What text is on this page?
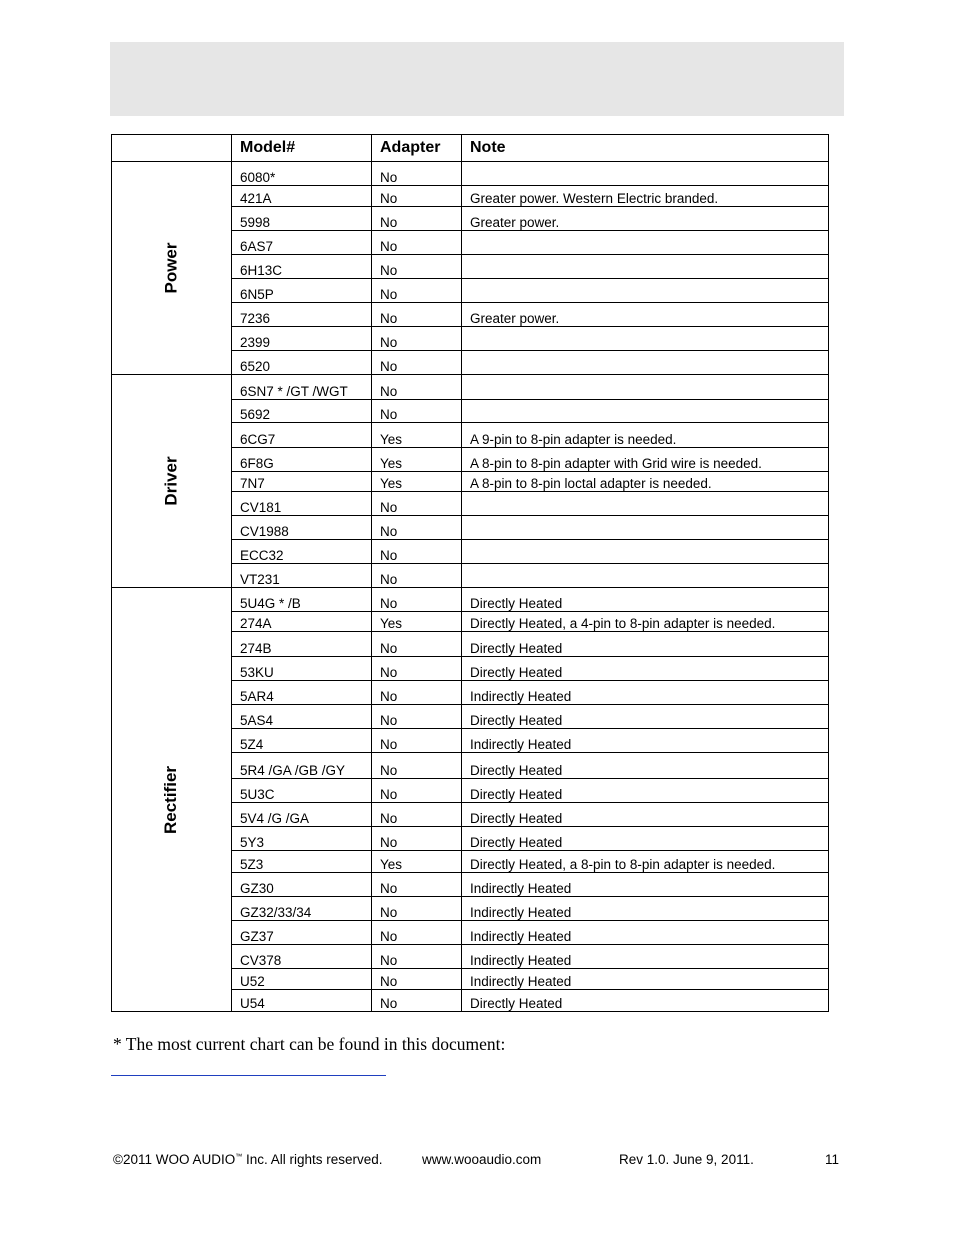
	Model#	Adapter	Note
Power	6080*	No	
	421A	No	Greater power. Western Electric branded.
	5998	No	Greater power.
	6AS7	No	
	6H13C	No	
	6N5P	No	
	7236	No	Greater power.
	2399	No	
	6520	No	
Driver	6SN7 * /GT /WGT	No	
	5692	No	
	6CG7	Yes	A 9-pin to 8-pin adapter is needed.
	6F8G	Yes	A 8-pin to 8-pin adapter with Grid wire is needed.
	7N7	Yes	A 8-pin to 8-pin loctal adapter is needed.
	CV181	No	
	CV1988	No	
	ECC32	No	
	VT231	No	
Rectifier	5U4G * /B	No	Directly Heated
	274A	Yes	Directly Heated, a 4-pin to 8-pin adapter is needed.
	274B	No	Directly Heated
	53KU	No	Directly Heated
	5AR4	No	Indirectly Heated
	5AS4	No	Directly Heated
	5Z4	No	Indirectly Heated
	5R4 /GA /GB /GY	No	Directly Heated
	5U3C	No	Directly Heated
	5V4 /G /GA	No	Directly Heated
	5Y3	No	Directly Heated
	5Z3	Yes	Directly Heated, a 8-pin to 8-pin adapter is needed.
	GZ30	No	Indirectly Heated
	GZ32/33/34	No	Indirectly Heated
	GZ37	No	Indirectly Heated
	CV378	No	Indirectly Heated
	U52	No	Indirectly Heated
	U54	No	Directly Heated
* The most current chart can be found in this document:
©2011 WOO AUDIO™ Inc. All rights reserved.	www.wooaudio.com	Rev 1.0. June 9, 2011.	11
